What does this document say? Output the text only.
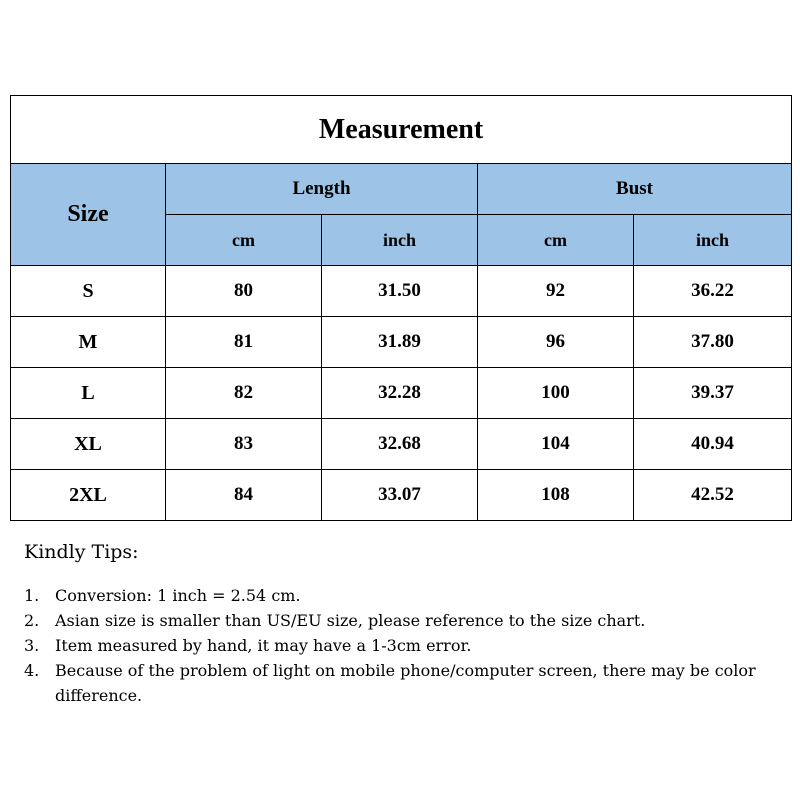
Measurement				
Size	Length		Bust	
	cm	inch	cm	inch
S	80	31.50	92	36.22
M	81	31.89	96	37.80
L	82	32.28	100	39.37
XL	83	32.68	104	40.94
2XL	84	33.07	108	42.52
Kindly Tips:
1. Conversion: 1 inch = 2.54 cm.
2. Asian size is smaller than US/EU size, please reference to the size chart.
3. Item measured by hand, it may have a 1-3cm error.
4. Because of the problem of light on mobile phone/computer screen, there may be color difference.
